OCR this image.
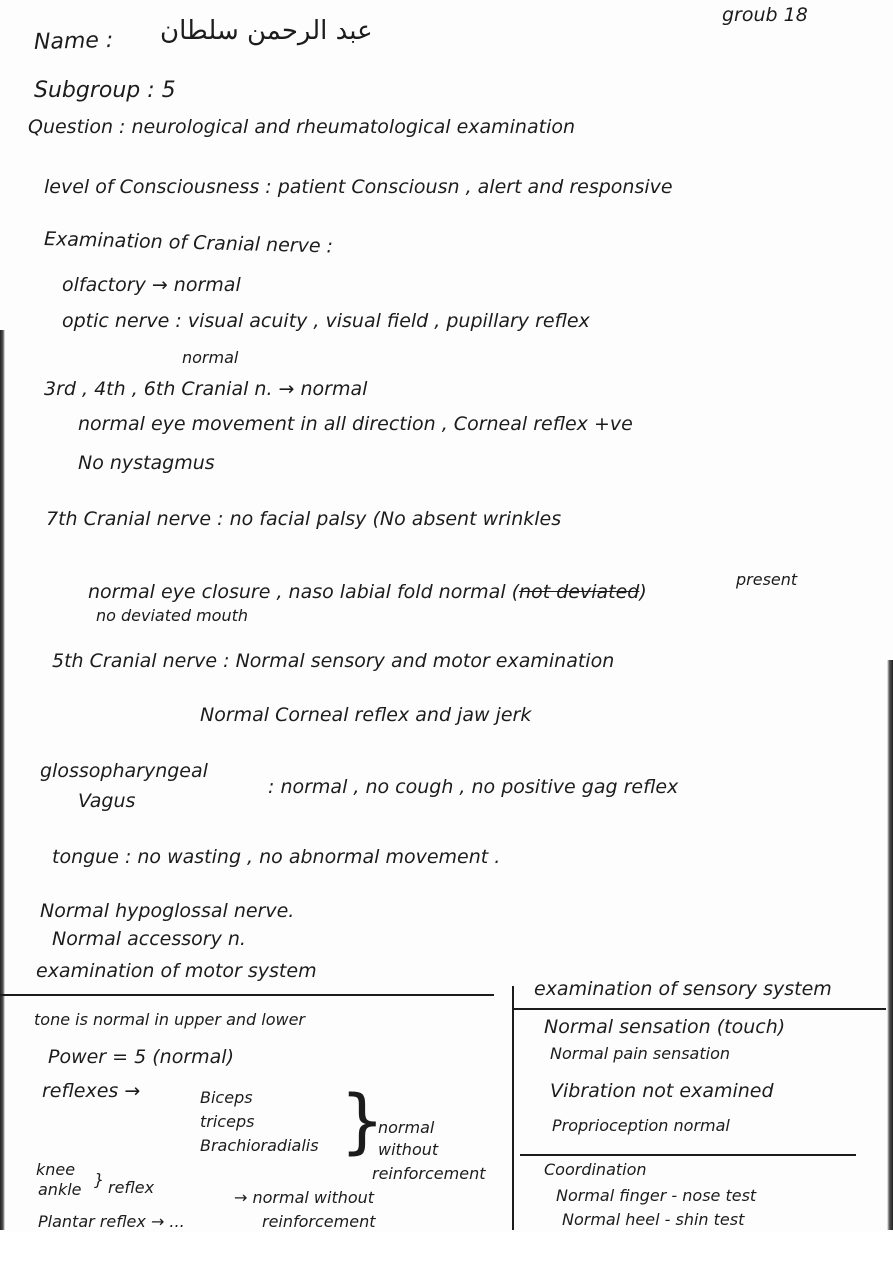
groub 18
Name : عبد الرحمن سلطان
Subgroup : 5
Question : neurological and rheumatological examination
level of Consciousness : patient Consciousn , alert and responsive
Examination of Cranial nerve :
olfactory → normal
optic nerve : visual acuity , visual field , pupillary reflex
normal
3rd , 4th , 6th Cranial n. → normal
normal eye movement in all direction , Corneal reflex +ve
No nystagmus
7th Cranial nerve : no facial palsy (No absent wrinkles
present
normal eye closure , naso labial fold normal (not deviated)
no deviated mouth
5th Cranial nerve : Normal sensory and motor examination
Normal Corneal reflex and jaw jerk
glossopharyngeal
Vagus
: normal , no cough , no positive gag reflex
tongue : no wasting , no abnormal movement .
Normal hypoglossal nerve.
Normal accessory n.
examination of motor system
tone is normal in upper and lower
Power = 5 (normal)
reflexes →	Biceps
triceps
Brachioradialis }
normal
without
reinforcement
knee
ankle
} reflex
→ normal without
reinforcement
Plantar reflex → ...
examination of sensory system
Normal sensation (touch)
Normal pain sensation
Vibration not examined
Proprioception normal
Coordination
Normal finger - nose test
Normal heel - shin test
